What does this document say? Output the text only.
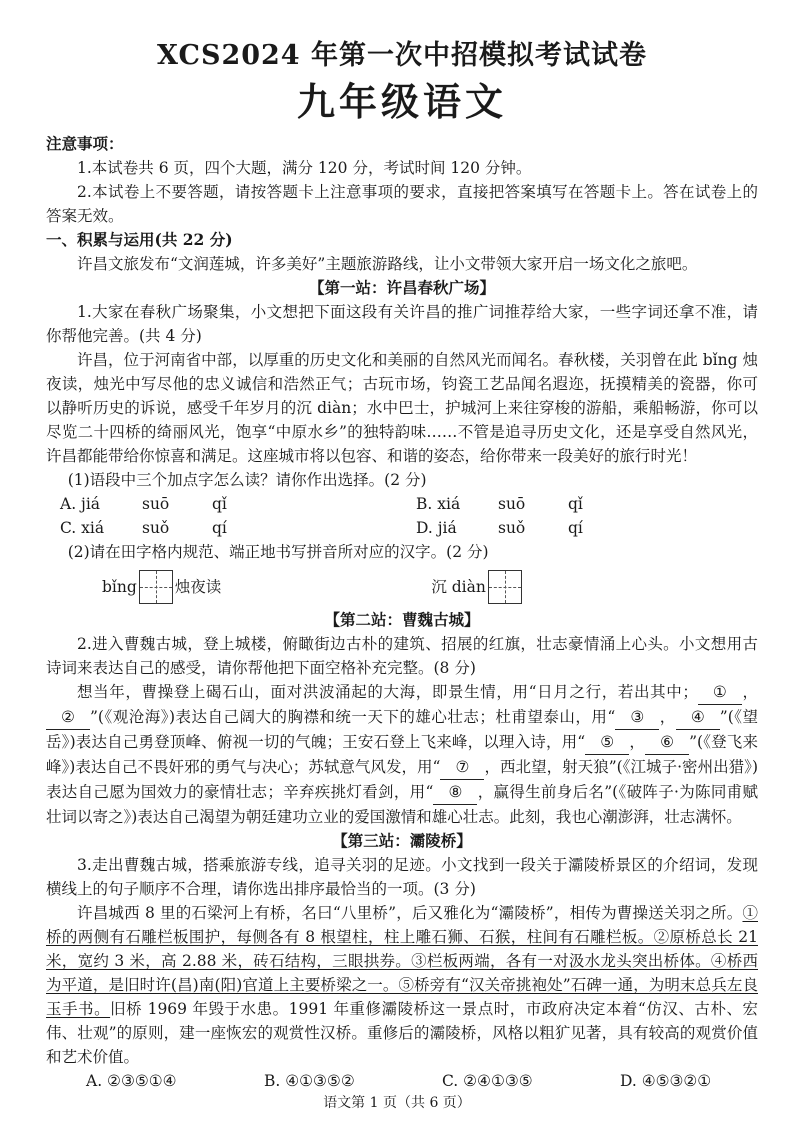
XCS2024 年第一次中招模拟考试试卷
九年级语文

注意事项：

1.本试卷共 6 页，四个大题，满分 120 分，考试时间 120 分钟。

2.本试卷上不要答题，请按答题卡上注意事项的要求，直接把答案填写在答题卡上。答在试卷上的答案无效。

一、积累与运用(共 22 分)

许昌文旅发布“文润莲城，许多美好”主题旅游路线，让小文带领大家开启一场文化之旅吧。

【第一站：许昌春秋广场】

1.大家在春秋广场聚集，小文想把下面这段有关许昌的推广词推荐给大家，一些字词还拿不准，请你帮他完善。(共 4 分)

许昌，位于河南省中部，以厚重的历史文化和美丽的自然风光而闻名。春秋楼，关羽曾在此 bǐng 烛夜读，烛光中写尽他的忠义诚信和浩然正气；古玩市场，钧瓷工艺品闻名遐迩，抚摸精美的瓷器，你可以静听历史的诉说，感受千年岁月的沉 diàn；水中巴士，护城河上来往穿梭的游船，乘船畅游，你可以尽览二十四桥的绮丽风光，饱享“中原水乡”的独特韵味……不管是追寻历史文化，还是享受自然风光，许昌都能带给你惊喜和满足。这座城市将以包容、和谐的姿态，给你带来一段美好的旅行时光！

(1)语段中三个加点字怎么读？请你作出选择。(2 分)

A. jiá	suō	qǐ	B. xiá	suō	qǐ
C. xiá	suǒ	qí	D. jiá	suǒ	qí

(2)请在田字格内规范、端正地书写拼音所对应的汉字。(2 分)

bǐng 烛夜读	沉 diàn

【第二站：曹魏古城】

2.进入曹魏古城，登上城楼，俯瞰街边古朴的建筑、招展的红旗，壮志豪情涌上心头。小文想用古诗词来表达自己的感受，请你帮他把下面空格补充完整。(8 分)

想当年，曹操登上碣石山，面对洪波涌起的大海，即景生情，用“日月之行，若出其中； ① ，② ”(《观沧海》)表达自己阔大的胸襟和统一天下的雄心壮志；杜甫望泰山，用“ ③ ， ④ ”(《望岳》)表达自己勇登顶峰、俯视一切的气魄；王安石登上飞来峰，以理入诗，用“ ⑤ ， ⑥ ”(《登飞来峰》)表达自己不畏奸邪的勇气与决心；苏轼意气风发，用“ ⑦ ，西北望，射天狼”(《江城子·密州出猎》)表达自己愿为国效力的豪情壮志；辛弃疾挑灯看剑，用“ ⑧ ，赢得生前身后名”(《破阵子·为陈同甫赋壮词以寄之》)表达自己渴望为朝廷建功立业的爱国激情和雄心壮志。此刻，我也心潮澎湃，壮志满怀。

【第三站：灞陵桥】

3.走出曹魏古城，搭乘旅游专线，追寻关羽的足迹。小文找到一段关于灞陵桥景区的介绍词，发现横线上的句子顺序不合理，请你选出排序最恰当的一项。(3 分)

许昌城西 8 里的石梁河上有桥，名曰“八里桥”，后又雅化为“灞陵桥”，相传为曹操送关羽之所。①桥的两侧有石雕栏板围护，每侧各有 8 根望柱，柱上雕石狮、石猴，柱间有石雕栏板。②原桥总长 21 米，宽约 3 米，高 2.88 米，砖石结构，三眼拱券。③栏板两端，各有一对汲水龙头突出桥体。④桥西为平道，是旧时许(昌)南(阳)官道上主要桥梁之一。⑤桥旁有“汉关帝挑袍处”石碑一通，为明末总兵左良玉手书。旧桥 1969 年毁于水患。1991 年重修灞陵桥这一景点时，市政府决定本着“仿汉、古朴、宏伟、壮观”的原则，建一座恢宏的观赏性汉桥。重修后的灞陵桥，风格以粗犷见著，具有较高的观赏价值和艺术价值。

A. ②③⑤①④	B. ④①③⑤②	C. ②④①③⑤	D. ④⑤③②①
语文第 1 页（共 6 页）
